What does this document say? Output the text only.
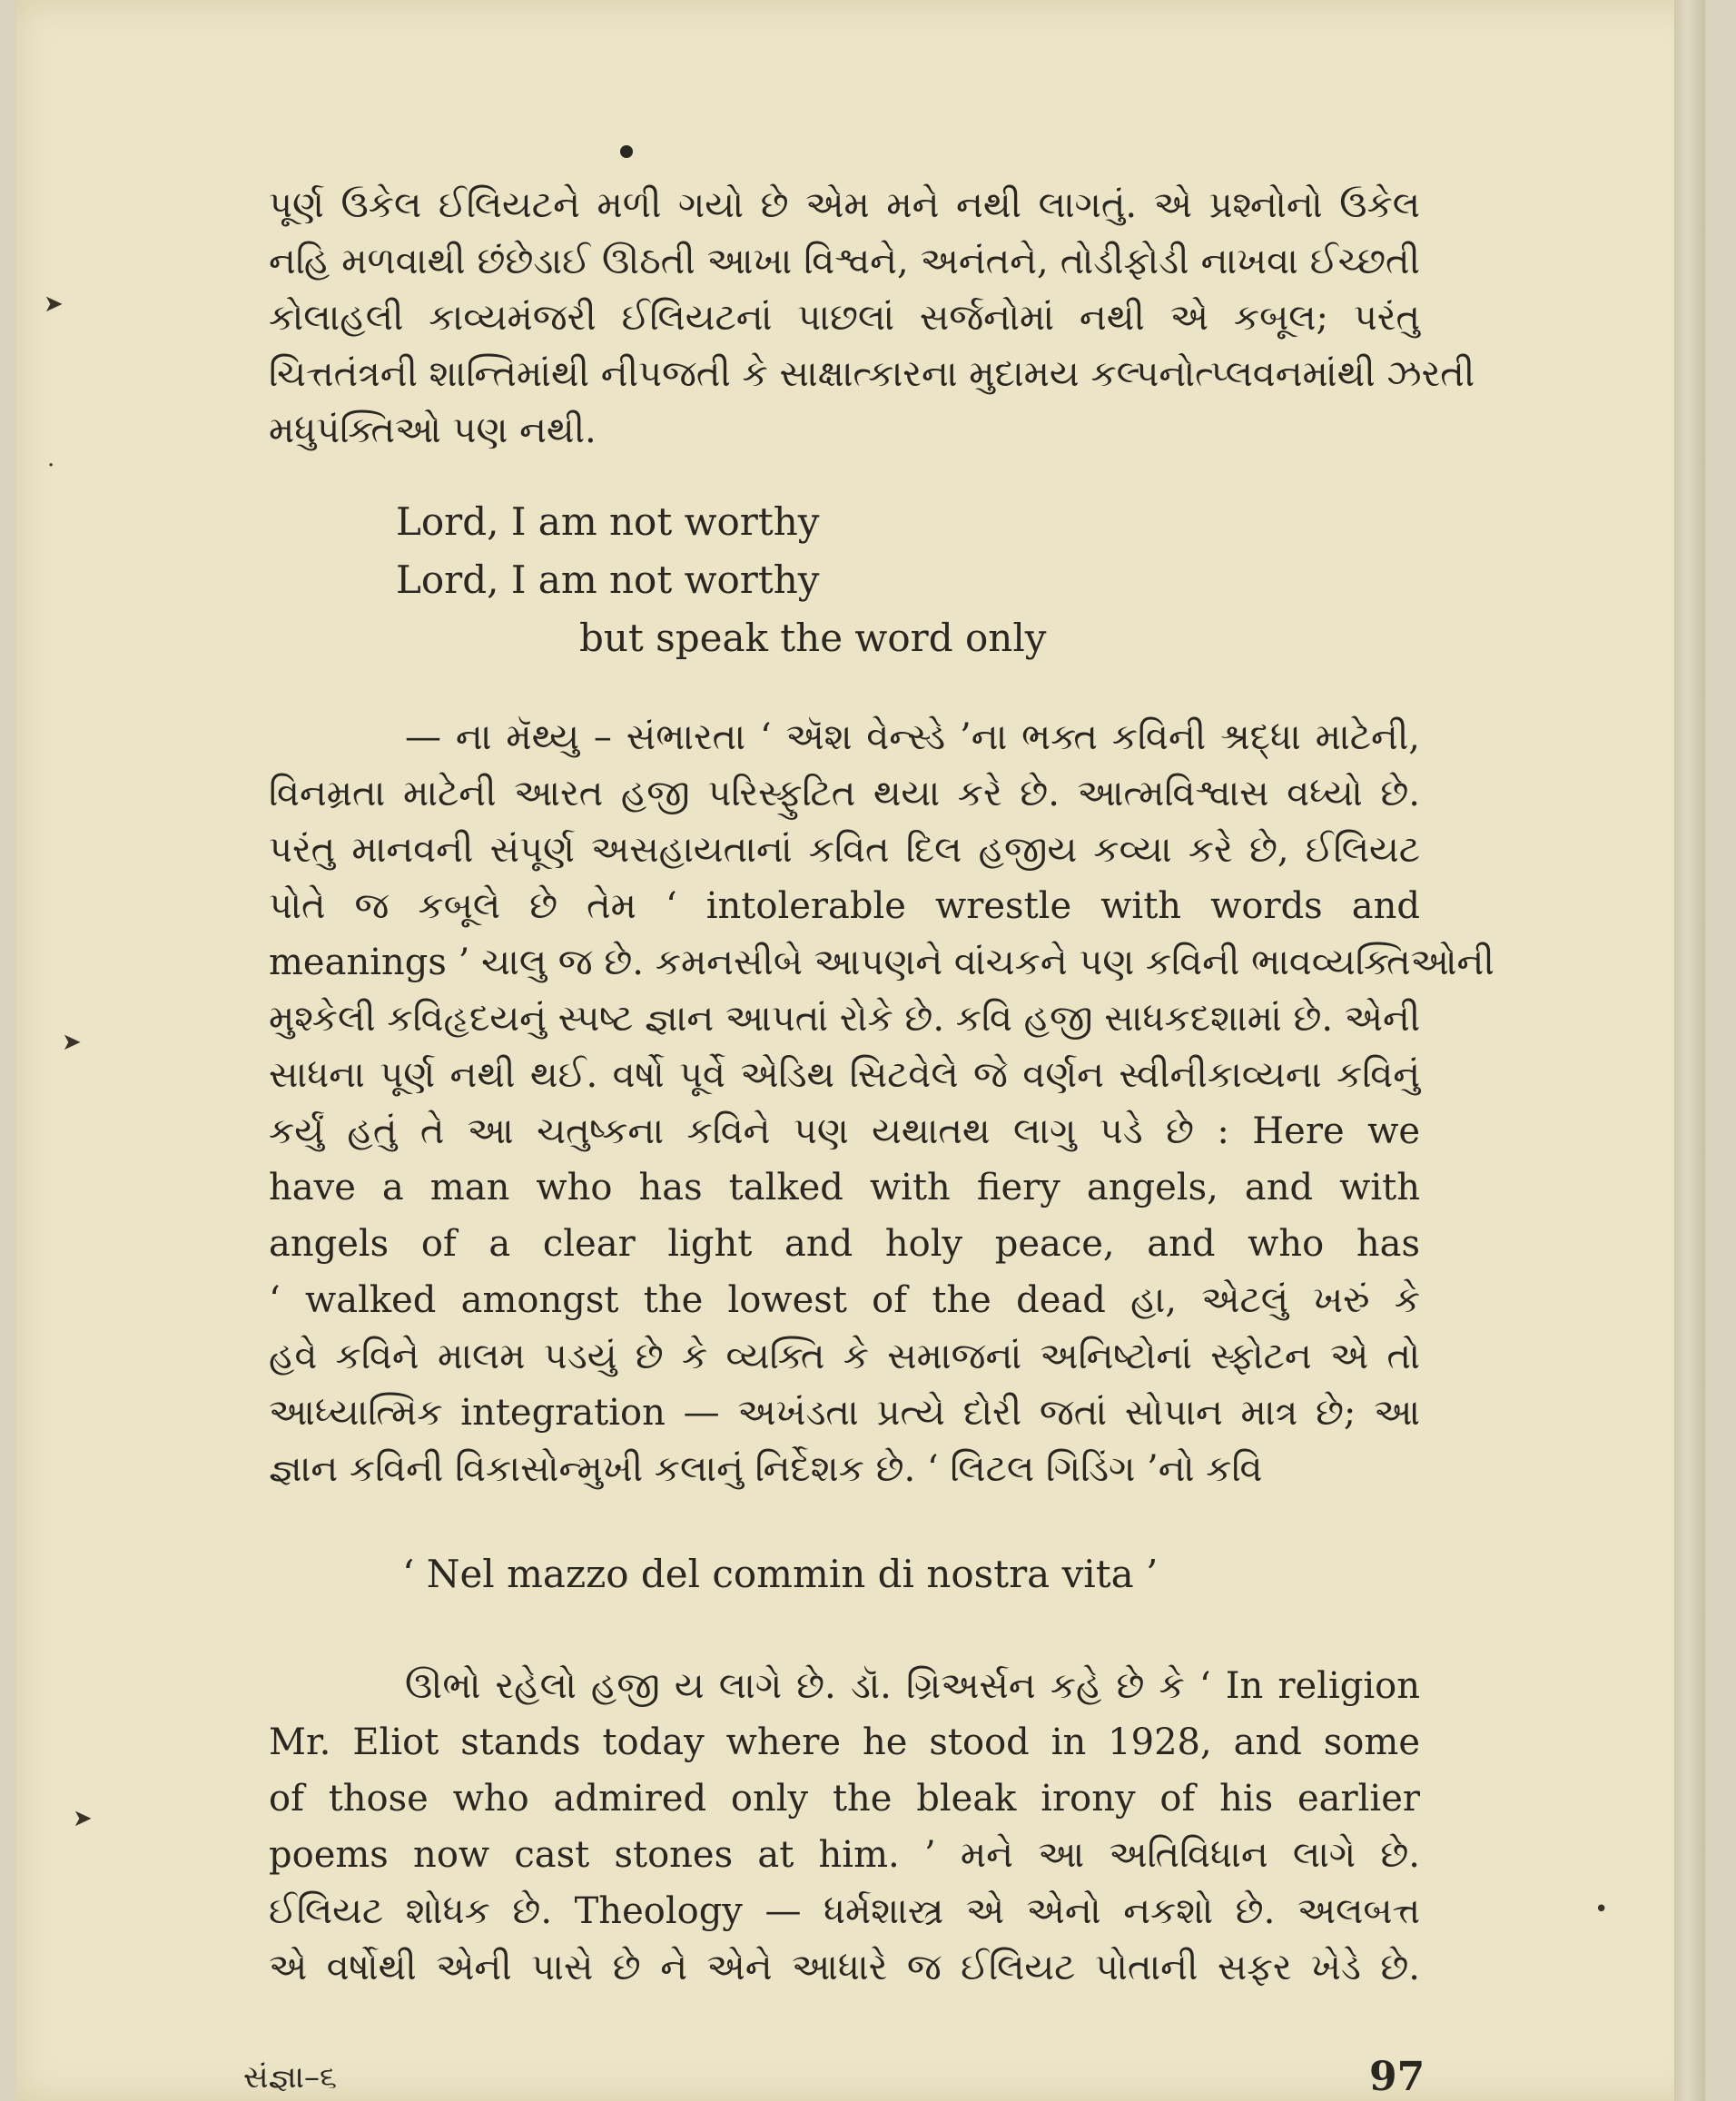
➤
·
➤
➤
•
પૂર્ણ ઉકેલ ઈલિયટને મળી ગયો છે એમ મને નથી લાગતું. એ પ્રશ્નોનો ઉકેલ
નહિ મળવાથી છંછેડાઈ ઊઠતી આખા વિશ્વને, અનંતને, તોડીફોડી નાખવા ઈચ્છતી
કોલાહલી કાવ્યમંજરી ઈલિયટનાં પાછલાં સર્જનોમાં નથી એ કબૂલ; પરંતુ
ચિત્તતંત્રની શાન્તિમાંથી નીપજતી કે સાક્ષાત્કારના મુદામય કલ્પનોત્પ્લવનમાંથી ઝરતી
મધુપંક્તિઓ પણ નથી.
Lord, I am not worthy
Lord, I am not worthy
but speak the word only
— ના મૅથ્યુ – સંભારતા ‘ ઍશ વેન્સ્ડે ’ના ભક્ત કવિની શ્રદ્ધા માટેની,
વિનમ્રતા માટેની આરત હજી પરિસ્ફુટિત થયા કરે છે. આત્મવિશ્વાસ વધ્યો છે.
પરંતુ માનવની સંપૂર્ણ અસહાયતાનાં કવિત દિલ હજીય કવ્યા કરે છે, ઈલિયટ
પોતે જ કબૂલે છે તેમ ‘ intolerable wrestle with words and
meanings ’ ચાલુ જ છે. કમનસીબે આપણને વાંચકને પણ કવિની ભાવવ્યક્તિઓની
મુશ્કેલી કવિહૃદયનું સ્પષ્ટ જ્ઞાન આપતાં રોકે છે. કવિ હજી સાધકદશામાં છે. એની
સાધના પૂર્ણ નથી થઈ. વર્ષો પૂર્વે એડિથ સિટવેલે જે વર્ણન સ્વીનીકાવ્યના કવિનું
કર્યું હતું તે આ ચતુષ્કના કવિને પણ યથાતથ લાગુ પડે છે : Here we
have a man who has talked with fiery angels, and with
angels of a clear light and holy peace, and who has
‘ walked amongst the lowest of the dead હા, એટલું ખરું કે
હવે કવિને માલમ પડયું છે કે વ્યક્તિ કે સમાજનાં અનિષ્ટોનાં સ્ફોટન એ તો
આધ્યાત્મિક integration — અખંડતા પ્રત્યે દોરી જતાં સોપાન માત્ર છે; આ
જ્ઞાન કવિની વિકાસોન્મુખી કલાનું નિર્દેશક છે. ‘ લિટલ ગિડિંગ ’નો કવિ
‘ Nel mazzo del commin di nostra vita ’
ઊભો રહેલો હજી ય લાગે છે. ડૉ. ગ્રિઅર્સન કહે છે કે ‘ In religion
Mr. Eliot stands today where he stood in 1928, and some
of those who admired only the bleak irony of his earlier
poems now cast stones at him. ’ મને આ અતિવિધાન લાગે છે.
ઈલિયટ શોધક છે. Theology — ધર્મશાસ્ત્ર એ એનો નકશો છે. અલબત્ત
એ વર્ષોથી એની પાસે છે ને એને આધારે જ ઈલિયટ પોતાની સફર ખેડે છે.
સંજ્ઞા–૬	97
